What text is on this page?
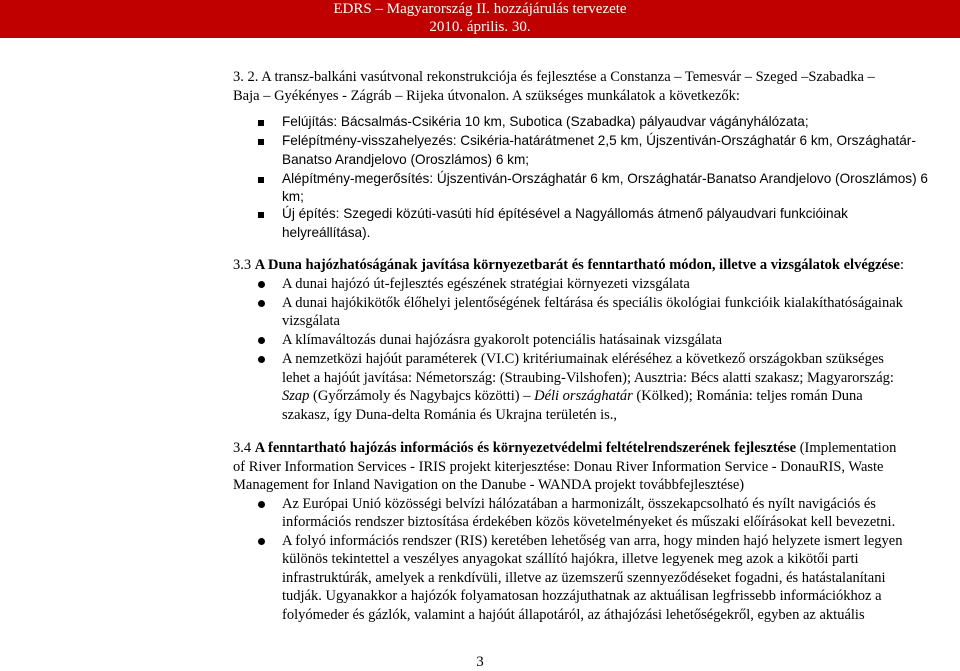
EDRS – Magyarország II. hozzájárulás tervezete
2010. április. 30.
3. 2. A transz-balkáni vasútvonal rekonstrukciója és fejlesztése a Constanza – Temesvár – Szeged –Szabadka –
Baja – Gyékényes - Zágráb – Rijeka útvonalon. A szükséges munkálatok a következők:
Felújítás: Bácsalmás-Csikéria 10 km, Subotica (Szabadka) pályaudvar vágányhálózata;
Felépítmény-visszahelyezés: Csikéria-határátmenet 2,5 km, Újszentiván-Országhatár 6 km, Országhatár-
Banatso Arandjelovo (Oroszlámos) 6 km;
Alépítmény-megerősítés: Újszentiván-Országhatár 6 km, Országhatár-Banatso Arandjelovo (Oroszlámos) 6
km;
Új építés: Szegedi közúti-vasúti híd építésével a Nagyállomás átmenő pályaudvari funkcióinak
helyreállítása).
3.3 A Duna hajózhatóságának javítása környezetbarát és fenntartható módon, illetve a vizsgálatok elvégzése:
A dunai hajózó út-fejlesztés egészének stratégiai környezeti vizsgálata
A dunai hajókikötők élőhelyi jelentőségének feltárása és speciális ökológiai funkcióik kialakíthatóságainak
vizsgálata
A klímaváltozás dunai hajózásra gyakorolt potenciális hatásainak vizsgálata
A nemzetközi hajóút paraméterek (VI.C) kritériumainak eléréséhez a következő országokban szükséges
lehet a hajóút javítása: Németország: (Straubing-Vilshofen); Ausztria: Bécs alatti szakasz; Magyarország:
Szap (Győrzámoly és Nagybajcs közötti) – Déli országhatár (Kölked); Románia: teljes román Duna
szakasz, így Duna-delta Románia és Ukrajna területén is.,
3.4 A fenntartható hajózás információs és környezetvédelmi feltételrendszerének fejlesztése (Implementation
of River Information Services - IRIS projekt kiterjesztése: Donau River Information Service - DonauRIS, Waste
Management for Inland Navigation on the Danube - WANDA projekt továbbfejlesztése)
Az Európai Unió közösségi belvízi hálózatában a harmonizált, összekapcsolható és nyílt navigációs és
információs rendszer biztosítása érdekében közös követelményeket és műszaki előírásokat kell bevezetni.
A folyó információs rendszer (RIS) keretében lehetőség van arra, hogy minden hajó helyzete ismert legyen
különös tekintettel a veszélyes anyagokat szállító hajókra, illetve legyenek meg azok a kikötői parti
infrastruktúrák, amelyek a renkdívüli, illetve az üzemszerű szennyeződéseket fogadni, és hatástalanítani
tudják. Ugyanakkor a hajózók folyamatosan hozzájuthatnak az aktuálisan legfrissebb információkhoz a
folyómeder és gázlók, valamint a hajóút állapotáról, az áthajózási lehetőségekről, egyben az aktuális
3
